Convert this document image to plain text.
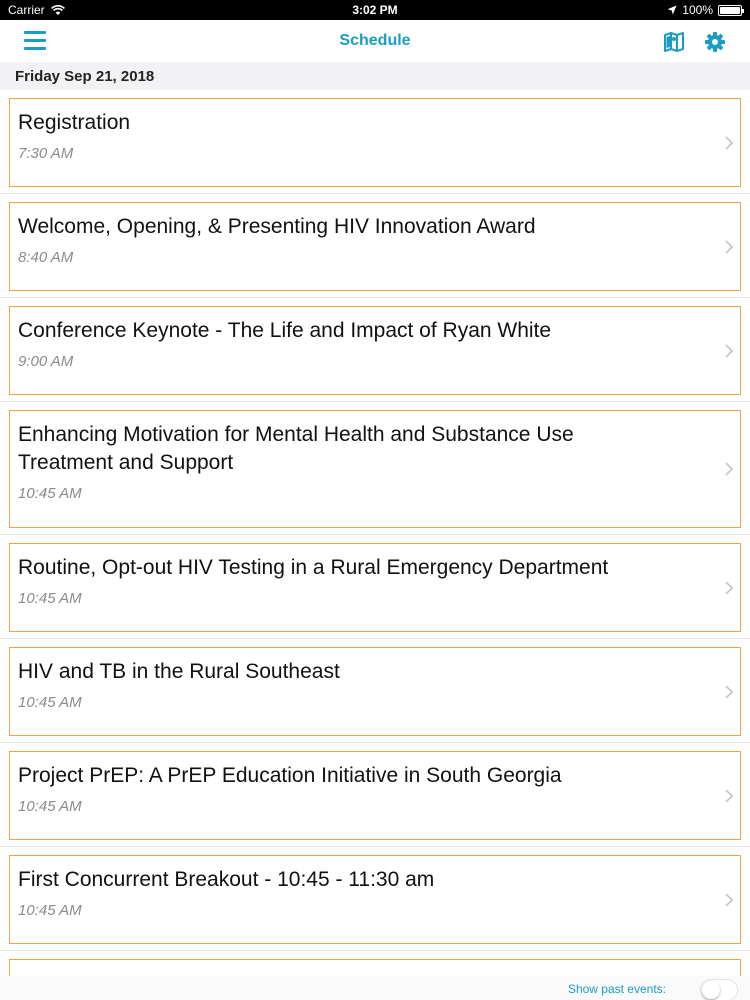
Carrier	3:02 PM	100%
Schedule
Friday Sep 21, 2018
Registration
7:30 AM
Welcome, Opening, & Presenting HIV Innovation Award
8:40 AM
Conference Keynote - The Life and Impact of Ryan White
9:00 AM
Enhancing Motivation for Mental Health and Substance Use
Treatment and Support
10:45 AM
Routine, Opt-out HIV Testing in a Rural Emergency Department
10:45 AM
HIV and TB in the Rural Southeast
10:45 AM
Project PrEP: A PrEP Education Initiative in South Georgia
10:45 AM
First Concurrent Breakout - 10:45 - 11:30 am
10:45 AM
Show past events:
